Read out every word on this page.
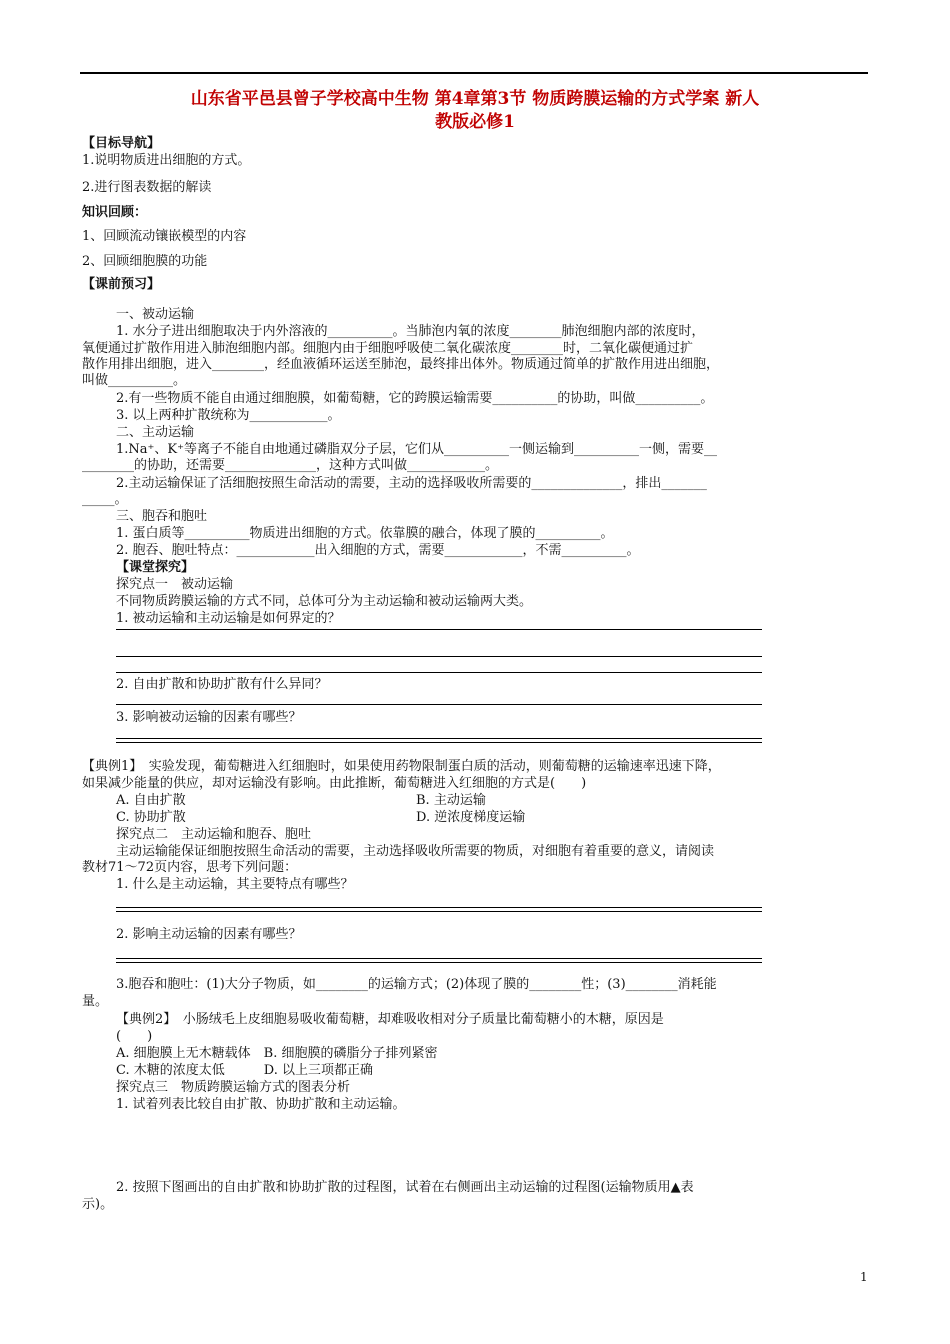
山东省平邑县曾子学校高中生物 第4章第3节 物质跨膜运输的方式学案 新人
教版必修1
【目标导航】
1.说明物质进出细胞的方式。
2.进行图表数据的解读
知识回顾：
1、回顾流动镶嵌模型的内容
2、回顾细胞膜的功能
【课前预习】
一、被动运输
1. 水分子进出细胞取决于内外溶液的__________。当肺泡内氧的浓度________肺泡细胞内部的浓度时，
氧便通过扩散作用进入肺泡细胞内部。细胞内由于细胞呼吸使二氧化碳浓度________时，二氧化碳便通过扩
散作用排出细胞，进入________，经血液循环运送至肺泡，最终排出体外。物质通过简单的扩散作用进出细胞，
叫做__________。
2.有一些物质不能自由通过细胞膜，如葡萄糖，它的跨膜运输需要__________的协助，叫做__________。
3. 以上两种扩散统称为____________。
二、主动运输
1.Na⁺、K⁺等离子不能自由地通过磷脂双分子层，它们从__________一侧运输到__________一侧，需要__
________的协助，还需要______________，这种方式叫做____________。
2.主动运输保证了活细胞按照生命活动的需要，主动的选择吸收所需要的______________，排出_______
_____。
三、胞吞和胞吐
1. 蛋白质等__________物质进出细胞的方式。依靠膜的融合，体现了膜的__________。
2. 胞吞、胞吐特点：____________出入细胞的方式，需要____________，不需__________。
【课堂探究】
探究点一　被动运输
不同物质跨膜运输的方式不同，总体可分为主动运输和被动运输两大类。
1. 被动运输和主动运输是如何界定的？
2. 自由扩散和协助扩散有什么异同？
3. 影响被动运输的因素有哪些？
【典例1】　实验发现，葡萄糖进入红细胞时，如果使用药物限制蛋白质的活动，则葡萄糖的运输速率迅速下降，
如果减少能量的供应，却对运输没有影响。由此推断，葡萄糖进入红细胞的方式是(　　)
A. 自由扩散	B. 主动运输
C. 协助扩散	D. 逆浓度梯度运输
探究点二　主动运输和胞吞、胞吐
主动运输能保证细胞按照生命活动的需要，主动选择吸收所需要的物质，对细胞有着重要的意义，请阅读
教材71～72页内容，思考下列问题：
1. 什么是主动运输，其主要特点有哪些？
2. 影响主动运输的因素有哪些？
3.胞吞和胞吐：(1)大分子物质，如________的运输方式；(2)体现了膜的________性；(3)________消耗能
量。
【典例2】　小肠绒毛上皮细胞易吸收葡萄糖，却难吸收相对分子质量比葡萄糖小的木糖，原因是
(　　)
A. 细胞膜上无木糖载体　B. 细胞膜的磷脂分子排列紧密
C. 木糖的浓度太低　　　D. 以上三项都正确
探究点三　物质跨膜运输方式的图表分析
1. 试着列表比较自由扩散、协助扩散和主动运输。
2. 按照下图画出的自由扩散和协助扩散的过程图，试着在右侧画出主动运输的过程图(运输物质用▲表
示)。
1
